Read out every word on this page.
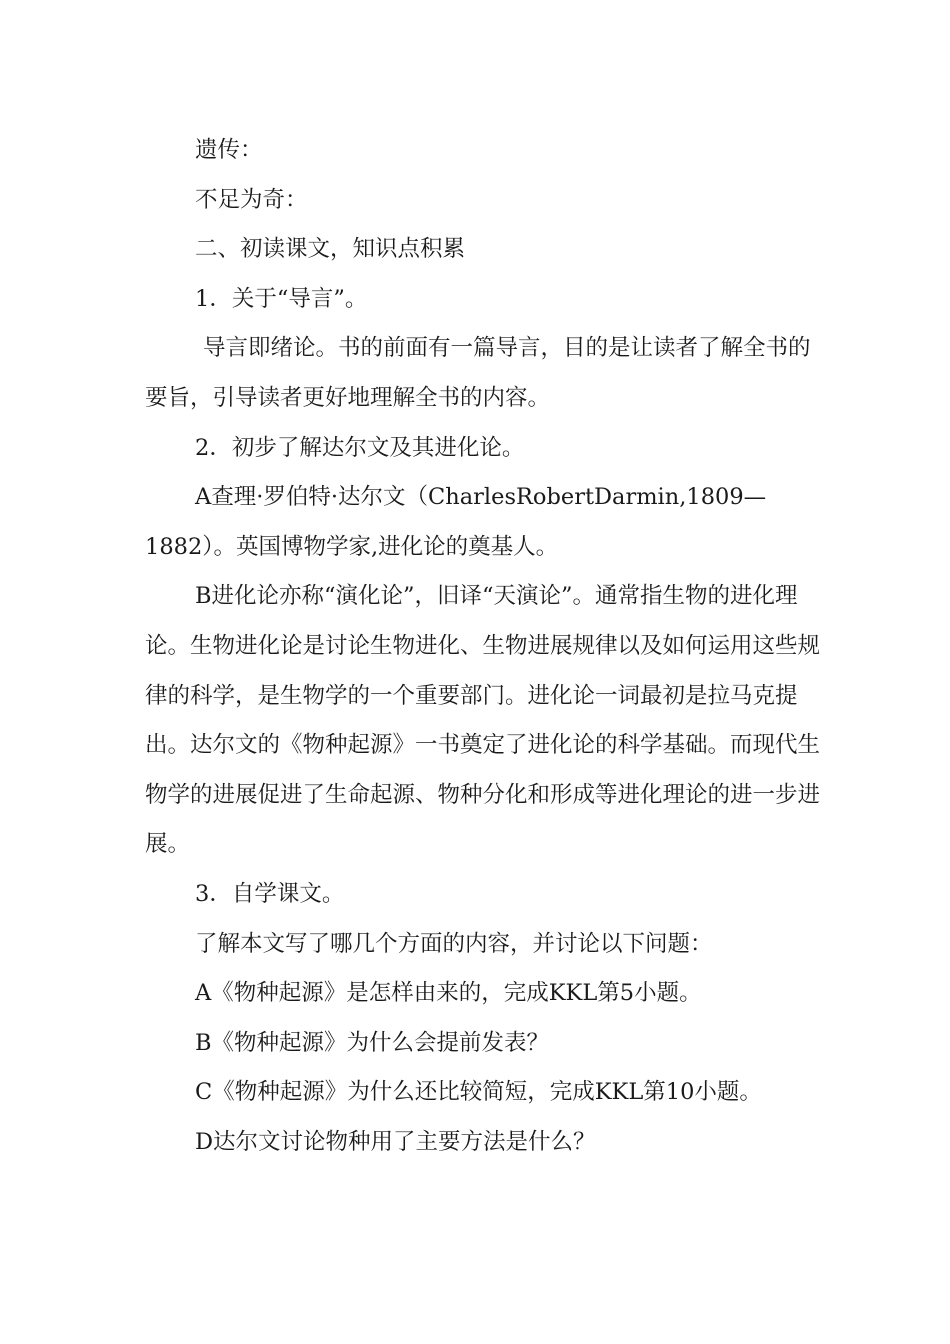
遗传：

不足为奇：

二、初读课文，知识点积累

1．关于“导言”。

导言即绪论。书的前面有一篇导言，目的是让读者了解全书的要旨，引导读者更好地理解全书的内容。

2．初步了解达尔文及其进化论。

A查理·罗伯特·达尔文（CharlesRobertDarmin,1809—1882）。英国博物学家,进化论的奠基人。

B进化论亦称“演化论”，旧译“天演论”。通常指生物的进化理论。生物进化论是讨论生物进化、生物进展规律以及如何运用这些规律的科学，是生物学的一个重要部门。进化论一词最初是拉马克提出。达尔文的《物种起源》一书奠定了进化论的科学基础。而现代生物学的进展促进了生命起源、物种分化和形成等进化理论的进一步进展。

3．自学课文。

了解本文写了哪几个方面的内容，并讨论以下问题：

A《物种起源》是怎样由来的，完成KKL第5小题。

B《物种起源》为什么会提前发表？

C《物种起源》为什么还比较简短，完成KKL第10小题。

D达尔文讨论物种用了主要方法是什么？
